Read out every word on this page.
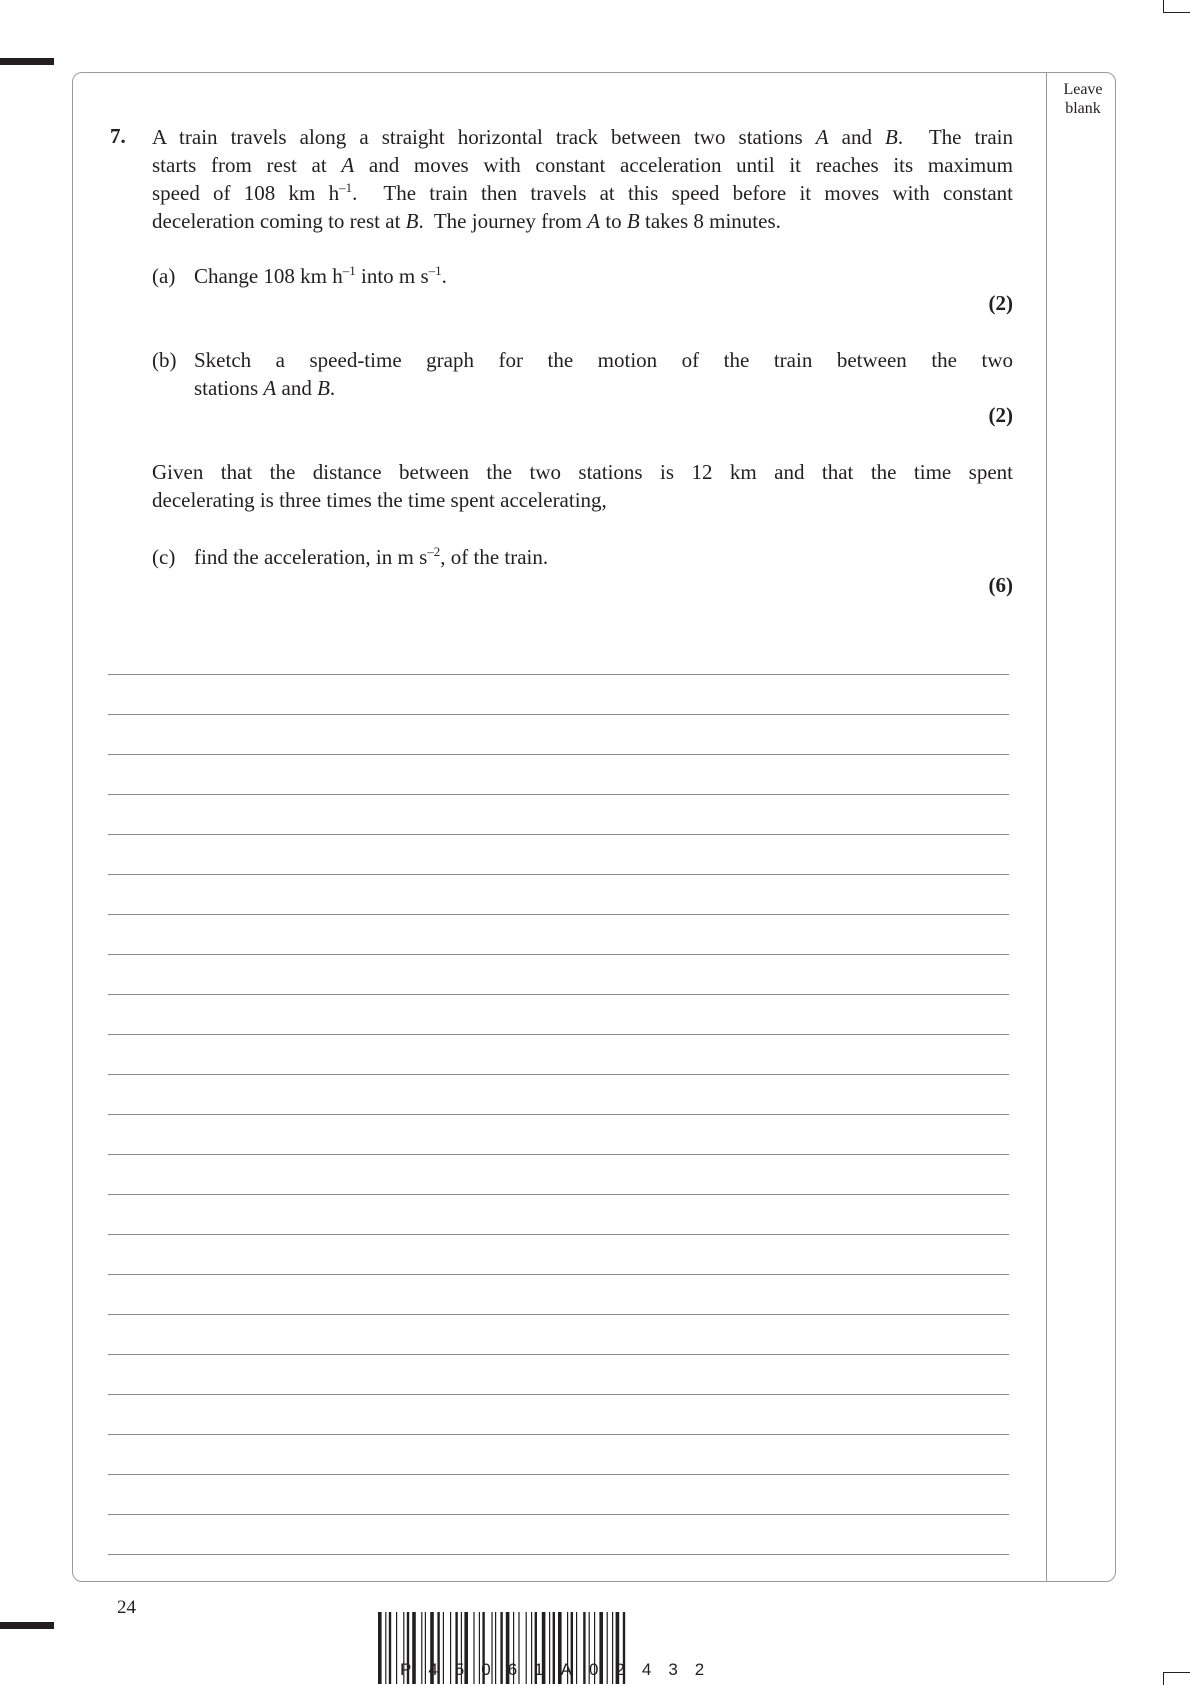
Leave blank
7. A train travels along a straight horizontal track between two stations A and B.  The train

starts from rest at A and moves with constant acceleration until it reaches its maximum

speed of 108 km $h^{-1}$.  The train then travels at this speed before it moves with constant

deceleration coming to rest at B.  The journey from A to B takes 8 minutes.

(a) Change 108 km $h^{-1}$ into m $s^{-1}$.

(2)
(b) Sketch a speed-time graph for the motion of the train between the two

stations A and B.

(2)

Given that the distance between the two stations is 12 km and that the time spent

decelerating is three times the time spent accelerating,

(c) find the acceleration, in m $s^{-2}$, of the train.

(6)
24
P45061A02432
